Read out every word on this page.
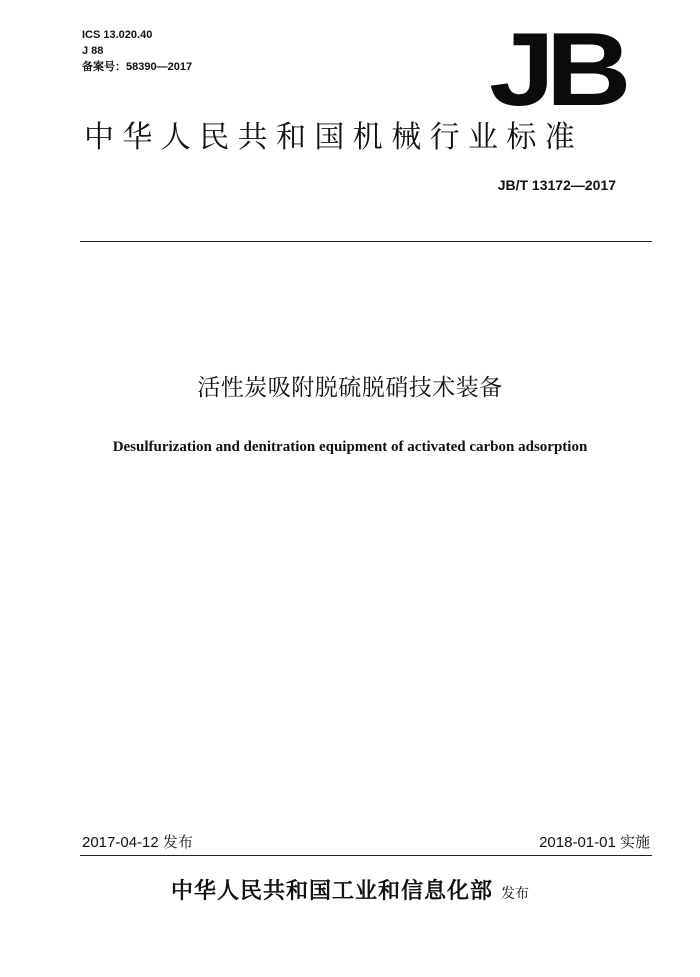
ICS 13.020.40
J 88
备案号：58390—2017	JB
中华人民共和国机械行业标准
JB/T 13172—2017
活性炭吸附脱硫脱硝技术装备
Desulfurization and denitration equipment of activated carbon adsorption
2017-04-12 发布	2018-01-01 实施
中华人民共和国工业和信息化部 发布
